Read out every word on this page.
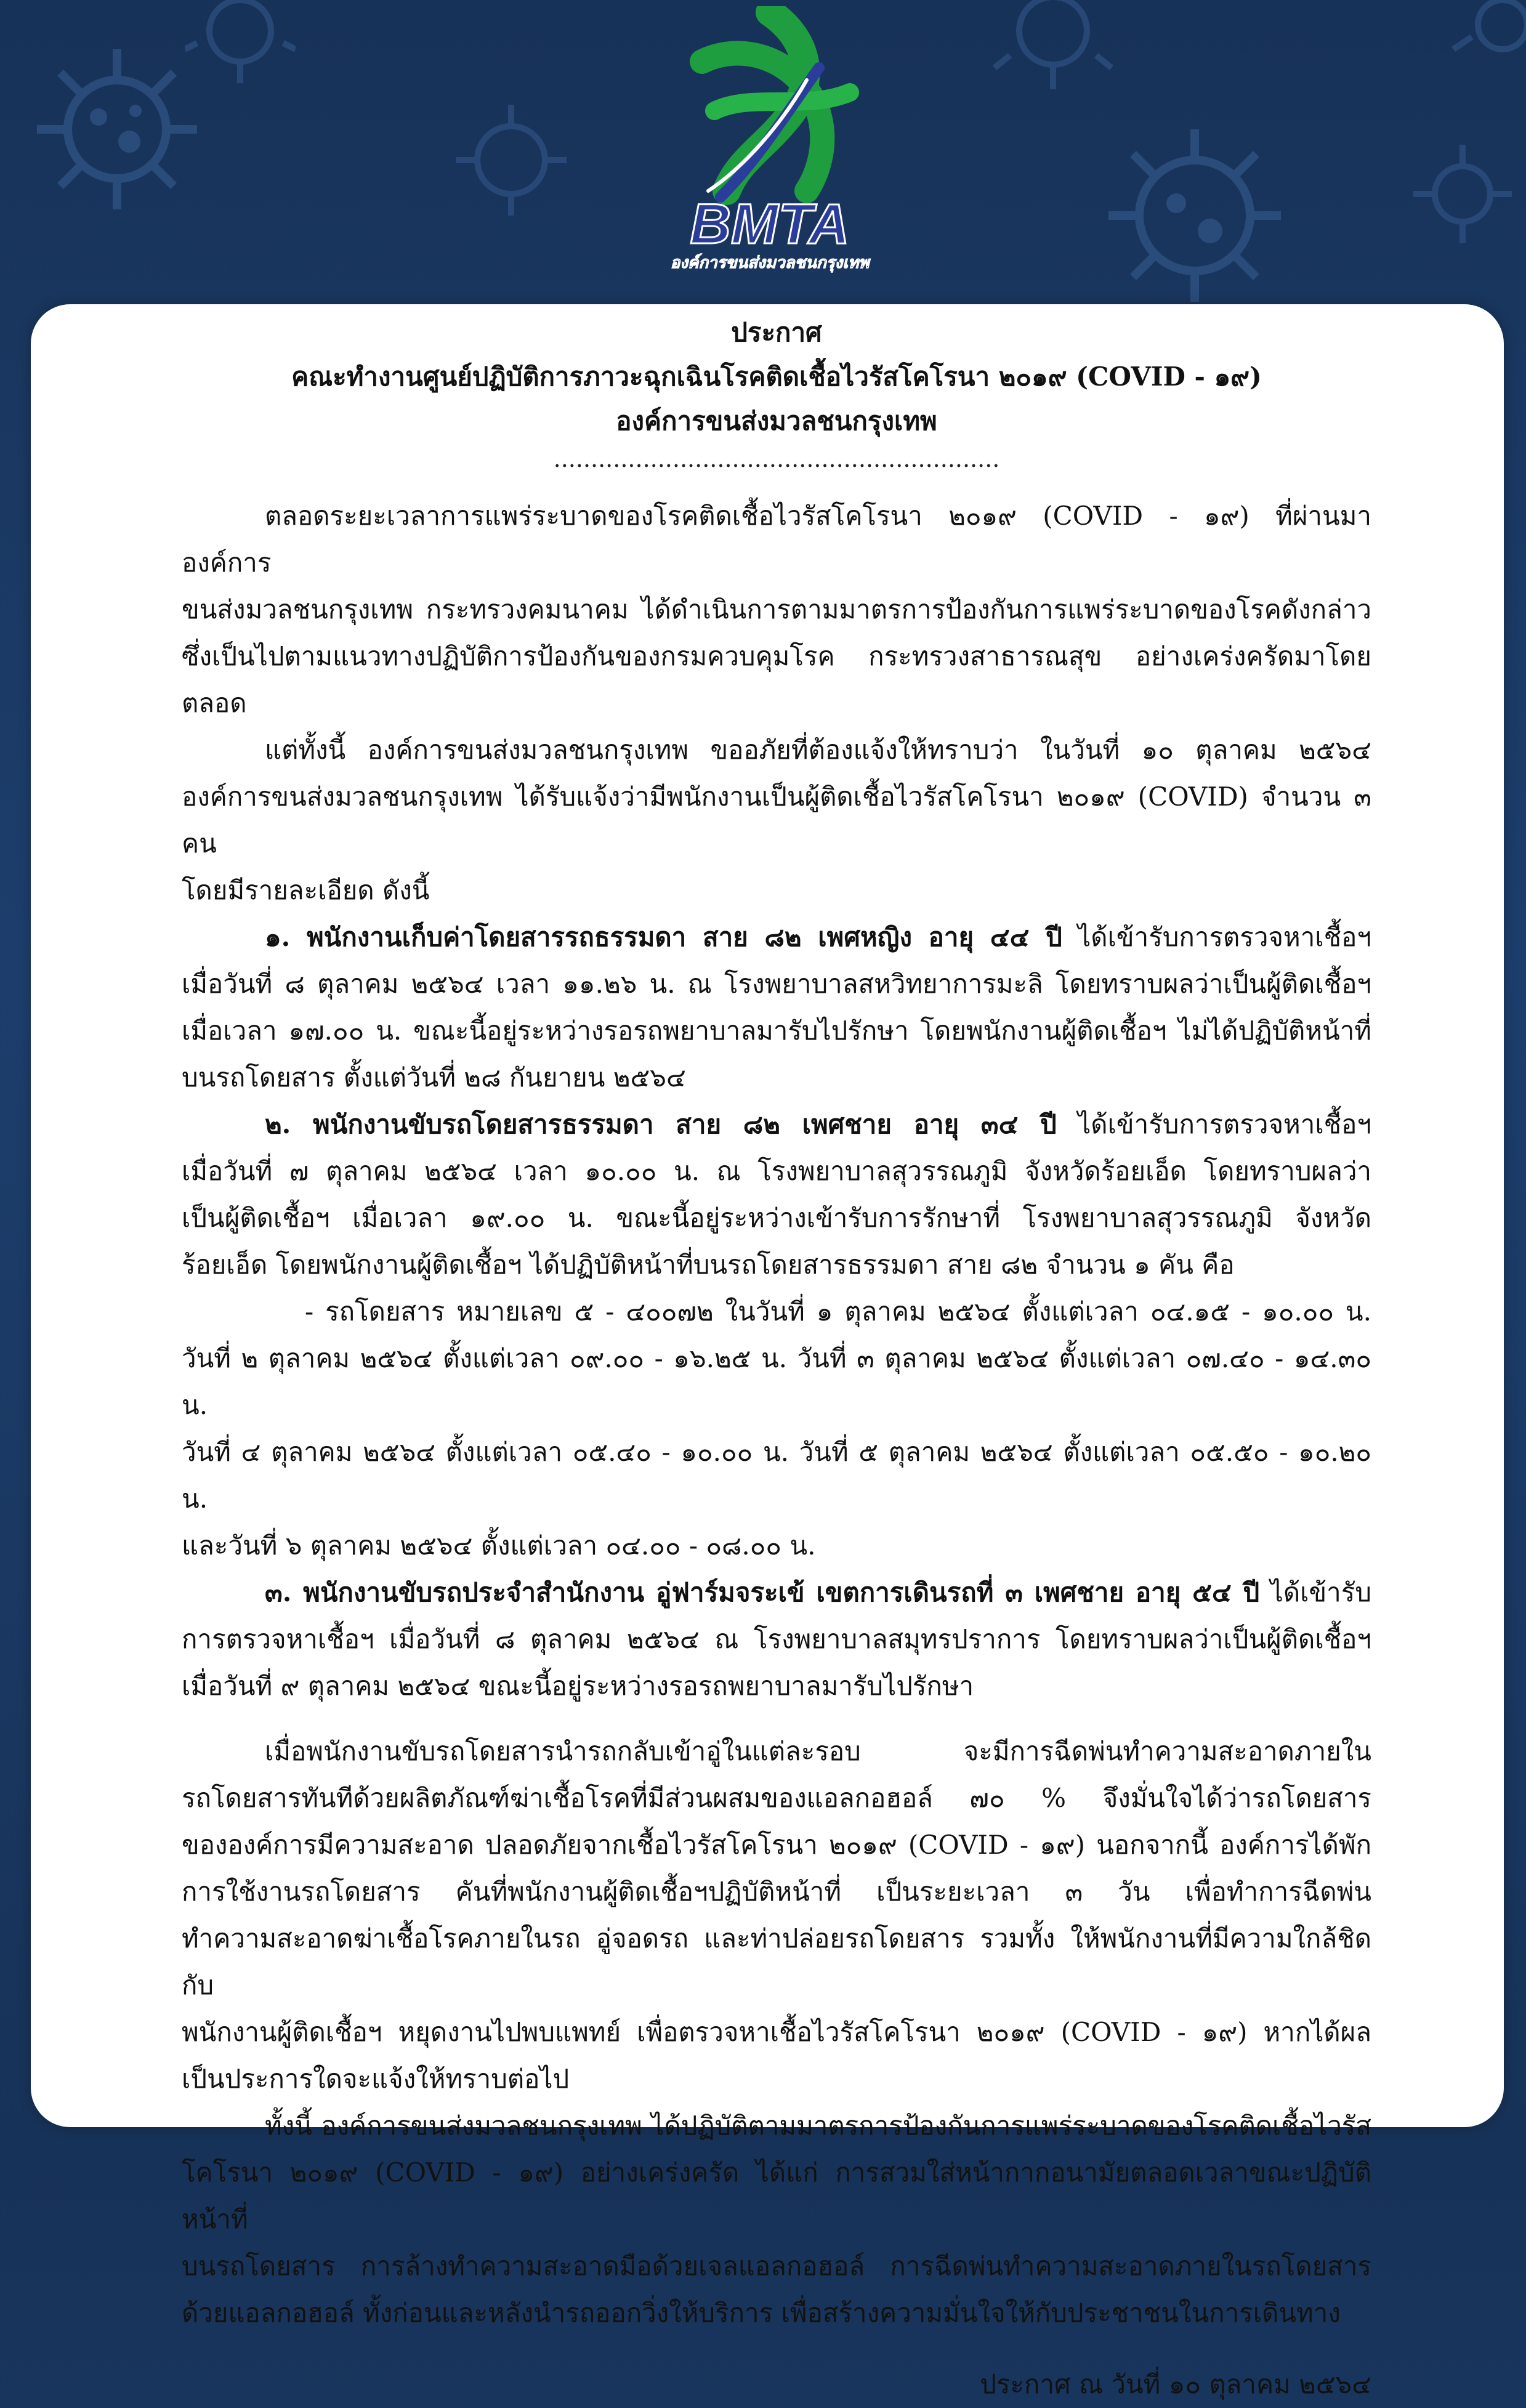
BMTA
องค์การขนส่งมวลชนกรุงเทพ
ประกาศ
คณะทำงานศูนย์ปฏิบัติการภาวะฉุกเฉินโรคติดเชื้อไวรัสโคโรนา ๒๐๑๙ (COVID - ๑๙)
องค์การขนส่งมวลชนกรุงเทพ
............................................................

ตลอดระยะเวลาการแพร่ระบาดของโรคติดเชื้อไวรัสโคโรนา ๒๐๑๙ (COVID - ๑๙) ที่ผ่านมาองค์การ

ขนส่งมวลชนกรุงเทพ กระทรวงคมนาคม ได้ดำเนินการตามมาตรการป้องกันการแพร่ระบาดของโรคดังกล่าว

ซึ่งเป็นไปตามแนวทางปฏิบัติการป้องกันของกรมควบคุมโรค กระทรวงสาธารณสุข อย่างเคร่งครัดมาโดยตลอด

แต่ทั้งนี้ องค์การขนส่งมวลชนกรุงเทพ ขออภัยที่ต้องแจ้งให้ทราบว่า ในวันที่ ๑๐ ตุลาคม ๒๕๖๔

องค์การขนส่งมวลชนกรุงเทพ ได้รับแจ้งว่ามีพนักงานเป็นผู้ติดเชื้อไวรัสโคโรนา ๒๐๑๙ (COVID) จำนวน ๓ คน

โดยมีรายละเอียด ดังนี้

๑. พนักงานเก็บค่าโดยสารรถธรรมดา สาย ๘๒ เพศหญิง อายุ ๔๔ ปี ได้เข้ารับการตรวจหาเชื้อฯ

เมื่อวันที่ ๘ ตุลาคม ๒๕๖๔ เวลา ๑๑.๒๖ น. ณ โรงพยาบาลสหวิทยาการมะลิ โดยทราบผลว่าเป็นผู้ติดเชื้อฯ

เมื่อเวลา ๑๗.๐๐ น. ขณะนี้อยู่ระหว่างรอรถพยาบาลมารับไปรักษา โดยพนักงานผู้ติดเชื้อฯ ไม่ได้ปฏิบัติหน้าที่

บนรถโดยสาร ตั้งแต่วันที่ ๒๘ กันยายน ๒๕๖๔

๒. พนักงานขับรถโดยสารธรรมดา สาย ๘๒ เพศชาย อายุ ๓๔ ปี ได้เข้ารับการตรวจหาเชื้อฯ

เมื่อวันที่ ๗ ตุลาคม ๒๕๖๔ เวลา ๑๐.๐๐ น. ณ โรงพยาบาลสุวรรณภูมิ จังหวัดร้อยเอ็ด โดยทราบผลว่า

เป็นผู้ติดเชื้อฯ เมื่อเวลา ๑๙.๐๐ น. ขณะนี้อยู่ระหว่างเข้ารับการรักษาที่ โรงพยาบาลสุวรรณภูมิ จังหวัด

ร้อยเอ็ด โดยพนักงานผู้ติดเชื้อฯ ได้ปฏิบัติหน้าที่บนรถโดยสารธรรมดา สาย ๘๒ จำนวน ๑ คัน คือ

- รถโดยสาร หมายเลข ๕ - ๔๐๐๗๒ ในวันที่ ๑ ตุลาคม ๒๕๖๔ ตั้งแต่เวลา ๐๔.๑๕ - ๑๐.๐๐ น.

วันที่ ๒ ตุลาคม ๒๕๖๔ ตั้งแต่เวลา ๐๙.๐๐ - ๑๖.๒๕ น. วันที่ ๓ ตุลาคม ๒๕๖๔ ตั้งแต่เวลา ๐๗.๔๐ - ๑๔.๓๐ น.

วันที่ ๔ ตุลาคม ๒๕๖๔ ตั้งแต่เวลา ๐๕.๔๐ - ๑๐.๐๐ น. วันที่ ๕ ตุลาคม ๒๕๖๔ ตั้งแต่เวลา ๐๕.๕๐ - ๑๐.๒๐ น.

และวันที่ ๖ ตุลาคม ๒๕๖๔ ตั้งแต่เวลา ๐๔.๐๐ - ๐๘.๐๐ น.

๓. พนักงานขับรถประจำสำนักงาน อู่ฟาร์มจระเข้ เขตการเดินรถที่ ๓ เพศชาย อายุ ๕๔ ปี ได้เข้ารับ

การตรวจหาเชื้อฯ เมื่อวันที่ ๘ ตุลาคม ๒๕๖๔ ณ โรงพยาบาลสมุทรปราการ โดยทราบผลว่าเป็นผู้ติดเชื้อฯ

เมื่อวันที่ ๙ ตุลาคม ๒๕๖๔ ขณะนี้อยู่ระหว่างรอรถพยาบาลมารับไปรักษา

เมื่อพนักงานขับรถโดยสารนำรถกลับเข้าอู่ในแต่ละรอบ จะมีการฉีดพ่นทำความสะอาดภายใน

รถโดยสารทันทีด้วยผลิตภัณฑ์ฆ่าเชื้อโรคที่มีส่วนผสมของแอลกอฮอล์ ๗๐ % จึงมั่นใจได้ว่ารถโดยสาร

ขององค์การมีความสะอาด ปลอดภัยจากเชื้อไวรัสโคโรนา ๒๐๑๙ (COVID - ๑๙) นอกจากนี้ องค์การได้พัก

การใช้งานรถโดยสาร คันที่พนักงานผู้ติดเชื้อฯปฏิบัติหน้าที่ เป็นระยะเวลา ๓ วัน เพื่อทำการฉีดพ่น

ทำความสะอาดฆ่าเชื้อโรคภายในรถ อู่จอดรถ และท่าปล่อยรถโดยสาร รวมทั้ง ให้พนักงานที่มีความใกล้ชิดกับ

พนักงานผู้ติดเชื้อฯ หยุดงานไปพบแพทย์ เพื่อตรวจหาเชื้อไวรัสโคโรนา ๒๐๑๙ (COVID - ๑๙) หากได้ผล

เป็นประการใดจะแจ้งให้ทราบต่อไป

ทั้งนี้ องค์การขนส่งมวลชนกรุงเทพ ได้ปฏิบัติตามมาตรการป้องกันการแพร่ระบาดของโรคติดเชื้อไวรัส

โคโรนา ๒๐๑๙ (COVID - ๑๙) อย่างเคร่งครัด ได้แก่ การสวมใส่หน้ากากอนามัยตลอดเวลาขณะปฏิบัติหน้าที่

บนรถโดยสาร การล้างทำความสะอาดมือด้วยเจลแอลกอฮอล์ การฉีดพ่นทำความสะอาดภายในรถโดยสาร

ด้วยแอลกอฮอล์ ทั้งก่อนและหลังนำรถออกวิ่งให้บริการ เพื่อสร้างความมั่นใจให้กับประชาชนในการเดินทาง

ประกาศ ณ วันที่ ๑๐ ตุลาคม ๒๕๖๔
